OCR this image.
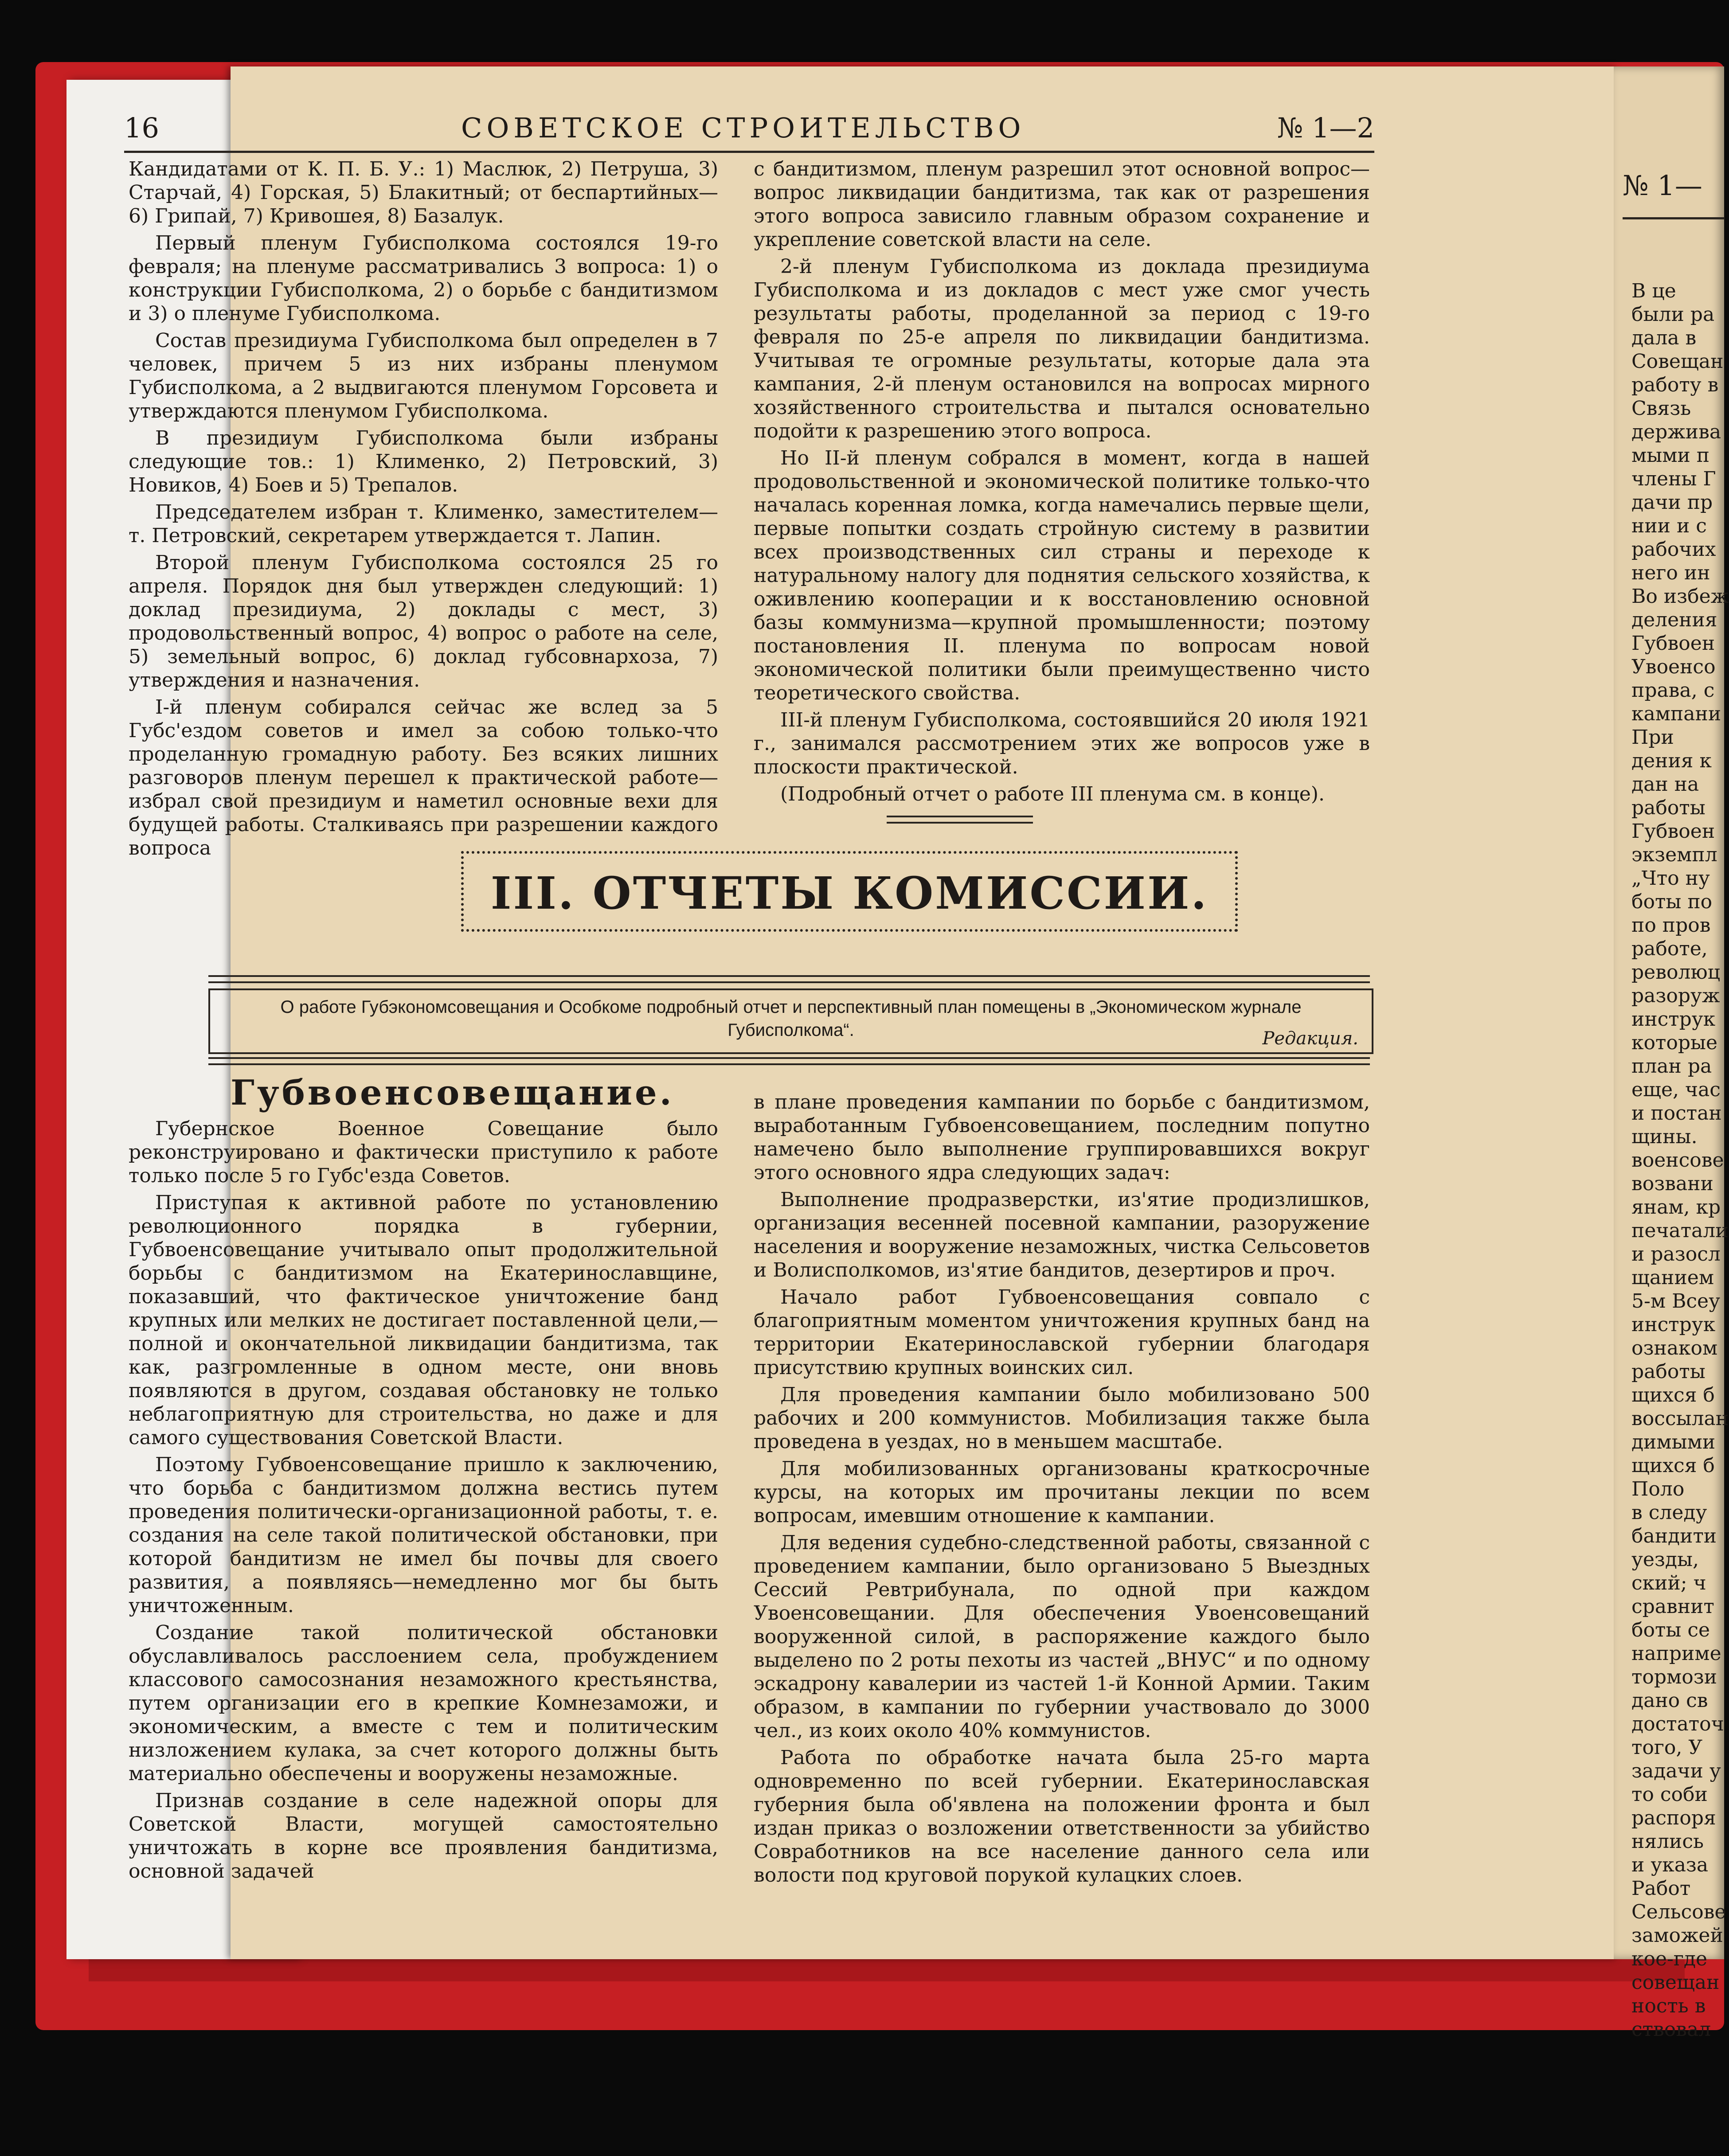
16	СОВЕТСКОЕ СТРОИТЕЛЬСТВО	№ 1—2

Кандидатами от К. П. Б. У.: 1) Маслюк, 2) Петруша, 3) Старчай, 4) Горская, 5) Блакитный; от беспартийных—6) Грипай, 7) Кривошея, 8) Базалук.

Первый пленум Губисполкома состоялся 19-го февраля; на пленуме рассматривались 3 вопроса: 1) о конструкции Губисполкома, 2) о борьбе с бандитизмом и 3) о пленуме Губисполкома.

Состав президиума Губисполкома был определен в 7 человек, причем 5 из них избраны пленумом Губисполкома, а 2 выдвигаются пленумом Горсовета и утверждаются пленумом Губисполкома.

В президиум Губисполкома были избраны следующие тов.: 1) Клименко, 2) Петровский, 3) Новиков, 4) Боев и 5) Трепалов.

Председателем избран т. Клименко, заместителем—т. Петровский, секретарем утверждается т. Лапин.

Второй пленум Губисполкома состоялся 25 го апреля. Порядок дня был утвержден следующий: 1) доклад президиума, 2) доклады с мест, 3) продовольственный вопрос, 4) вопрос о работе на селе, 5) земельный вопрос, 6) доклад губсовнархоза, 7) утверждения и назначения.

I-й пленум собирался сейчас же вслед за 5 Губс'ездом советов и имел за собою только-что проделанную громадную работу. Без всяких лишних разговоров пленум перешел к практической работе—избрал свой президиум и наметил основные вехи для будущей работы. Сталкиваясь при разрешении каждого вопроса

с бандитизмом, пленум разрешил этот основной вопрос—вопрос ликвидации бандитизма, так как от разрешения этого вопроса зависило главным образом сохранение и укрепление советской власти на селе.

2-й пленум Губисполкома из доклада президиума Губисполкома и из докладов с мест уже смог учесть результаты работы, проделанной за период с 19-го февраля по 25-е апреля по ликвидации бандитизма. Учитывая те огромные результаты, которые дала эта кампания, 2-й пленум остановился на вопросах мирного хозяйственного строительства и пытался основательно подойти к разрешению этого вопроса.

Но II-й пленум собрался в момент, когда в нашей продовольственной и экономической политике только-что началась коренная ломка, когда намечались первые щели, первые попытки создать стройную систему в развитии всех производственных сил страны и переходе к натуральному налогу для поднятия сельского хозяйства, к оживлению кооперации и к восстановлению основной базы коммунизма—крупной промышленности; поэтому постановления II. пленума по вопросам новой экономической политики были преимущественно чисто теоретического свойства.

III-й пленум Губисполкома, состоявшийся 20 июля 1921 г., занимался рассмотрением этих же вопросов уже в плоскости практической.

(Подробный отчет о работе III пленума см. в конце).

III. ОТЧЕТЫ КОМИССИИ.
О работе Губэкономсовещания и Особкоме подробный отчет и перспективный план помещены в „Экономическом журнале Губисполкома“.	Редакция.
Губвоенсовещание.

Губернское Военное Совещание было реконструировано и фактически приступило к работе только после 5 го Губс'езда Советов.

Приступая к активной работе по установлению революционного порядка в губернии, Губвоенсовещание учитывало опыт продолжительной борьбы с бандитизмом на Екатеринославщине, показавший, что фактическое уничтожение банд крупных или мелких не достигает поставленной цели,—полной и окончательной ликвидации бандитизма, так как, разгромленные в одном месте, они вновь появляются в другом, создавая обстановку не только неблагоприятную для строительства, но даже и для самого существования Советской Власти.

Поэтому Губвоенсовещание пришло к заключению, что борьба с бандитизмом должна вестись путем проведения политически-организационной работы, т. е. создания на селе такой политической обстановки, при которой бандитизм не имел бы почвы для своего развития, а появляясь—немедленно мог бы быть уничтоженным.

Создание такой политической обстановки обуславливалось расслоением села, пробуждением классового самосознания незаможного крестьянства, путем организации его в крепкие Комнезаможи, и экономическим, а вместе с тем и политическим низложением кулака, за счет которого должны быть материально обеспечены и вооружены незаможные.

Признав создание в селе надежной опоры для Советской Власти, могущей самостоятельно уничтожать в корне все проявления бандитизма, основной задачей

в плане проведения кампании по борьбе с бандитизмом, выработанным Губвоенсовещанием, последним попутно намечено было выполнение группировавшихся вокруг этого основного ядра следующих задач:

Выполнение продразверстки, из'ятие продизлишков, организация весенней посевной кампании, разоружение населения и вооружение незаможных, чистка Сельсоветов и Волисполкомов, из'ятие бандитов, дезертиров и проч.

Начало работ Губвоенсовещания совпало с благоприятным моментом уничтожения крупных банд на территории Екатеринославской губернии благодаря присутствию крупных воинских сил.

Для проведения кампании было мобилизовано 500 рабочих и 200 коммунистов. Мобилизация также была проведена в уездах, но в меньшем масштабе.

Для мобилизованных организованы краткосрочные курсы, на которых им прочитаны лекции по всем вопросам, имевшим отношение к кампании.

Для ведения судебно-следственной работы, связанной с проведением кампании, было организовано 5 Выездных Сессий Ревтрибунала, по одной при каждом Увоенсовещании. Для обеспечения Увоенсовещаний вооруженной силой, в распоряжение каждого было выделено по 2 роты пехоты из частей „ВНУС“ и по одному эскадрону кавалерии из частей 1-й Конной Армии. Таким образом, в кампании по губернии участвовало до 3000 чел., из коих около 40% коммунистов.

Работа по обработке начата была 25-го марта одновременно по всей губернии. Екатеринославская губерния была об'явлена на положении фронта и был издан приказ о возложении ответственности за убийство Совработников на все население данного села или волости под круговой порукой кулацких слоев.

№ 1—
В це
были ра
дала в
Совещан
работу в
Связь
держива
мыми п
члены Г
дачи пр
нии и с
рабочих
него ин
Во избеж
деления
Губвоен
Увоенсо
права, с
кампани
При
дения к
дан на
работы
Губвоен
экземпл
„Что ну
боты по
по пров
работе,
революц
разоруж
инструк
которые
план ра
еще, час
и постан
щины.
военсове
возвани
янам, кр
печатали
и разосл
щанием
5-м Всеу
инструк
ознаком
работы
щихся б
воссылан
димыми
щихся б
Поло
в следу
бандити
уезды,
ский; ч
сравнит
боты се
наприме
тормози
дано св
достаточ
того, У
задачи у
то соби
распоря
нялись
и указа
Работ
Сельсове
заможей
кое-где
совещан
ность в
ствовал
